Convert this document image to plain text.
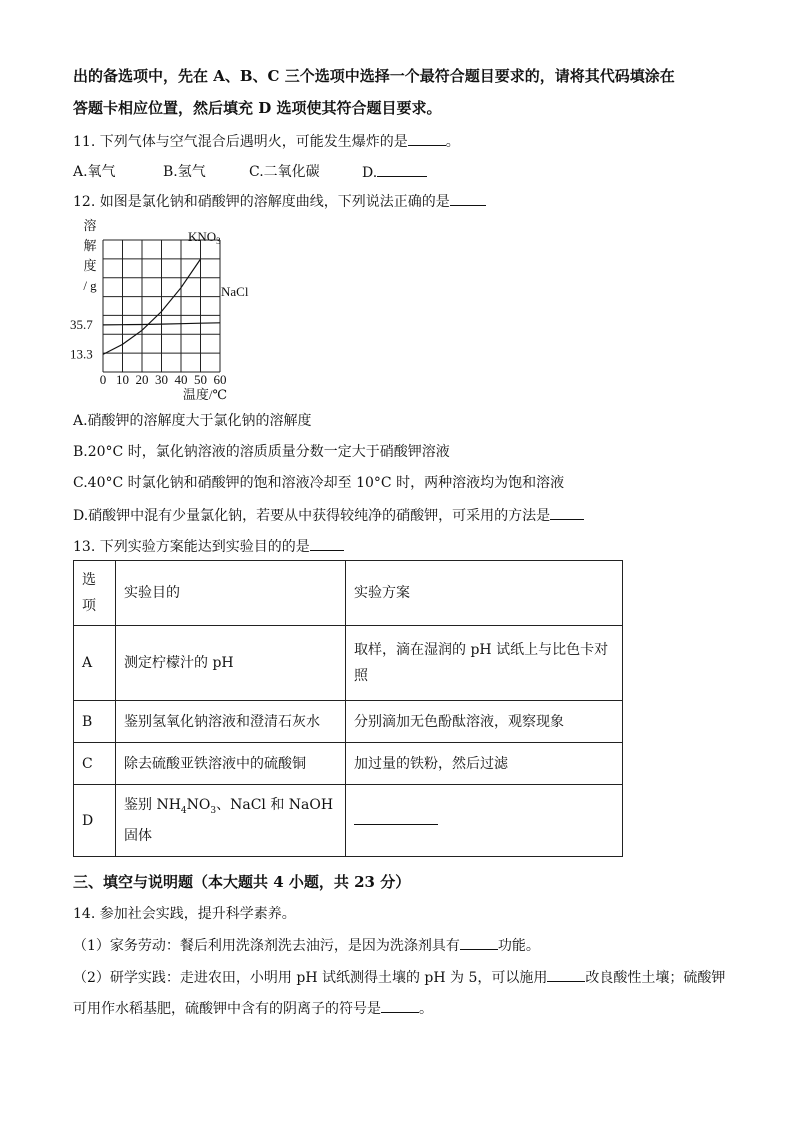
出的备选项中，先在 A、B、C 三个选项中选择一个最符合题目要求的，请将其代码填涂在
答题卡相应位置，然后填充 D 选项使其符合题目要求。
11. 下列气体与空气混合后遇明火，可能发生爆炸的是	。
A.氧气	B.氢气	C.二氧化碳	D.
12. 如图是氯化钠和硝酸钾的溶解度曲线，下列说法正确的是
溶
解
度
/ g
35.7
13.3
0 10 20 30 40 50 60
温度/℃
$KNO_3$
NaCl
A.硝酸钾的溶解度大于氯化钠的溶解度
B.20°C 时，氯化钠溶液的溶质质量分数一定大于硝酸钾溶液
C.40°C 时氯化钠和硝酸钾的饱和溶液冷却至 10°C 时，两种溶液均为饱和溶液
D.硝酸钾中混有少量氯化钠，若要从中获得较纯净的硝酸钾，可采用的方法是
13. 下列实验方案能达到实验目的的是
选项	实验目的	实验方案
A	测定柠檬汁的 pH	取样，滴在湿润的 pH 试纸上与比色卡对照
B	鉴别氢氧化钠溶液和澄清石灰水	分别滴加无色酚酞溶液，观察现象
C	除去硫酸亚铁溶液中的硫酸铜	加过量的铁粉，然后过滤
D	鉴别 $NH_4NO_3$、NaCl 和 NaOH 固体	
三、填空与说明题（本大题共 4 小题，共 23 分）
14. 参加社会实践，提升科学素养。
（1）家务劳动：餐后利用洗涤剂洗去油污，是因为洗涤剂具有	功能。
（2）研学实践：走进农田，小明用 pH 试纸测得土壤的 pH 为 5，可以施用	改良酸性土壤；硫酸钾
可用作水稻基肥，硫酸钾中含有的阴离子的符号是	。
